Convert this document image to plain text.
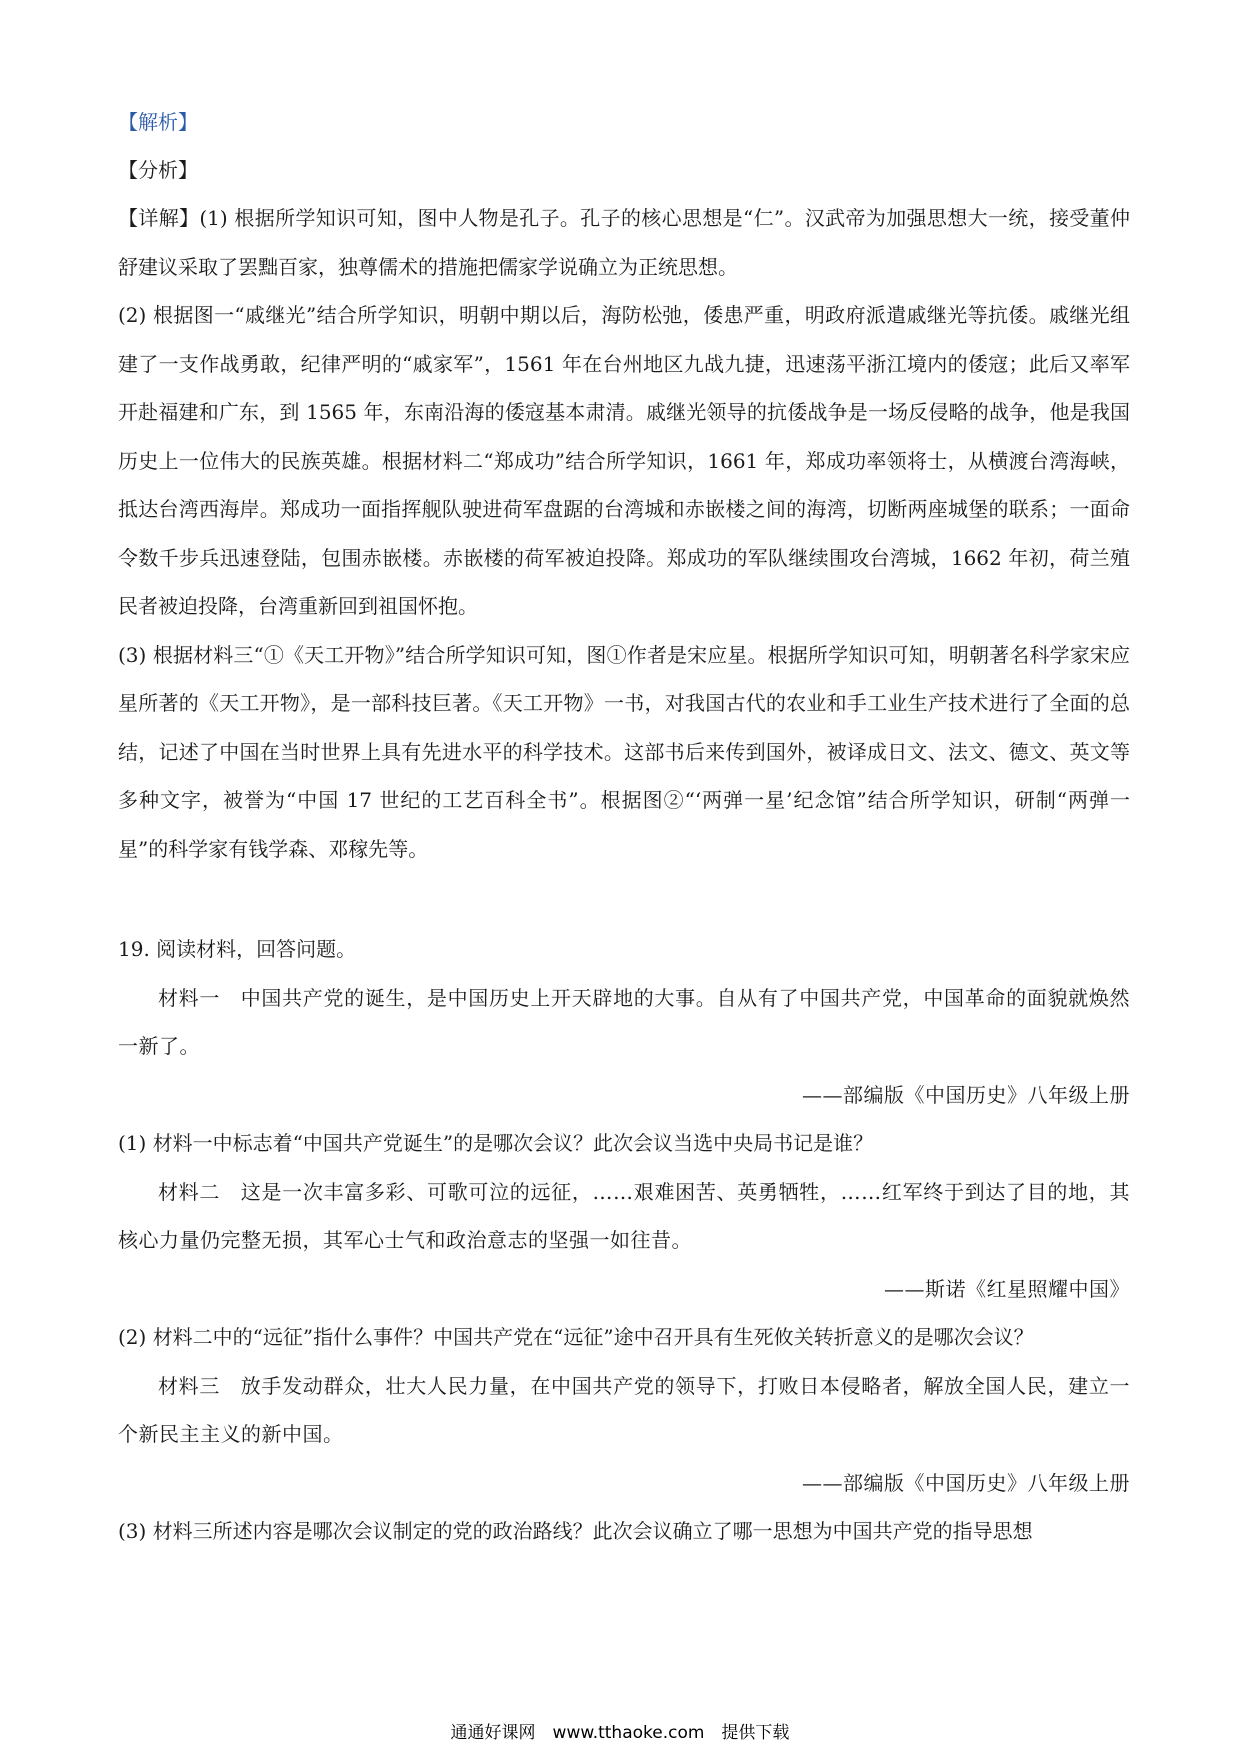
【解析】

【分析】

【详解】(1) 根据所学知识可知，图中人物是孔子。孔子的核心思想是“仁”。汉武帝为加强思想大一统，接受董仲舒建议采取了罢黜百家，独尊儒术的措施把儒家学说确立为正统思想。

(2) 根据图一“戚继光”结合所学知识，明朝中期以后，海防松弛，倭患严重，明政府派遣戚继光等抗倭。戚继光组建了一支作战勇敢，纪律严明的“戚家军”，1561 年在台州地区九战九捷，迅速荡平浙江境内的倭寇；此后又率军开赴福建和广东，到 1565 年，东南沿海的倭寇基本肃清。戚继光领导的抗倭战争是一场反侵略的战争，他是我国历史上一位伟大的民族英雄。根据材料二“郑成功”结合所学知识，1661 年，郑成功率领将士，从横渡台湾海峡，抵达台湾西海岸。郑成功一面指挥舰队驶进荷军盘踞的台湾城和赤嵌楼之间的海湾，切断两座城堡的联系；一面命令数千步兵迅速登陆，包围赤嵌楼。赤嵌楼的荷军被迫投降。郑成功的军队继续围攻台湾城，1662 年初，荷兰殖民者被迫投降，台湾重新回到祖国怀抱。

(3) 根据材料三“①《天工开物》”结合所学知识可知，图①作者是宋应星。根据所学知识可知，明朝著名科学家宋应星所著的《天工开物》，是一部科技巨著。《天工开物》一书，对我国古代的农业和手工业生产技术进行了全面的总结，记述了中国在当时世界上具有先进水平的科学技术。这部书后来传到国外，被译成日文、法文、德文、英文等多种文字，被誉为“中国 17 世纪的工艺百科全书”。根据图②“‘两弹一星’纪念馆”结合所学知识，研制“两弹一星”的科学家有钱学森、邓稼先等。

19. 阅读材料，回答问题。

材料一　中国共产党的诞生，是中国历史上开天辟地的大事。自从有了中国共产党，中国革命的面貌就焕然一新了。

——部编版《中国历史》八年级上册

(1) 材料一中标志着“中国共产党诞生”的是哪次会议？此次会议当选中央局书记是谁？

材料二　这是一次丰富多彩、可歌可泣的远征，……艰难困苦、英勇牺牲，……红军终于到达了目的地，其核心力量仍完整无损，其军心士气和政治意志的坚强一如往昔。

——斯诺《红星照耀中国》

(2) 材料二中的“远征”指什么事件？中国共产党在“远征”途中召开具有生死攸关转折意义的是哪次会议？

材料三　放手发动群众，壮大人民力量，在中国共产党的领导下，打败日本侵略者，解放全国人民，建立一个新民主主义的新中国。

——部编版《中国历史》八年级上册

(3) 材料三所述内容是哪次会议制定的党的政治路线？此次会议确立了哪一思想为中国共产党的指导思想

通通好课网　www.tthaoke.com　提供下载
